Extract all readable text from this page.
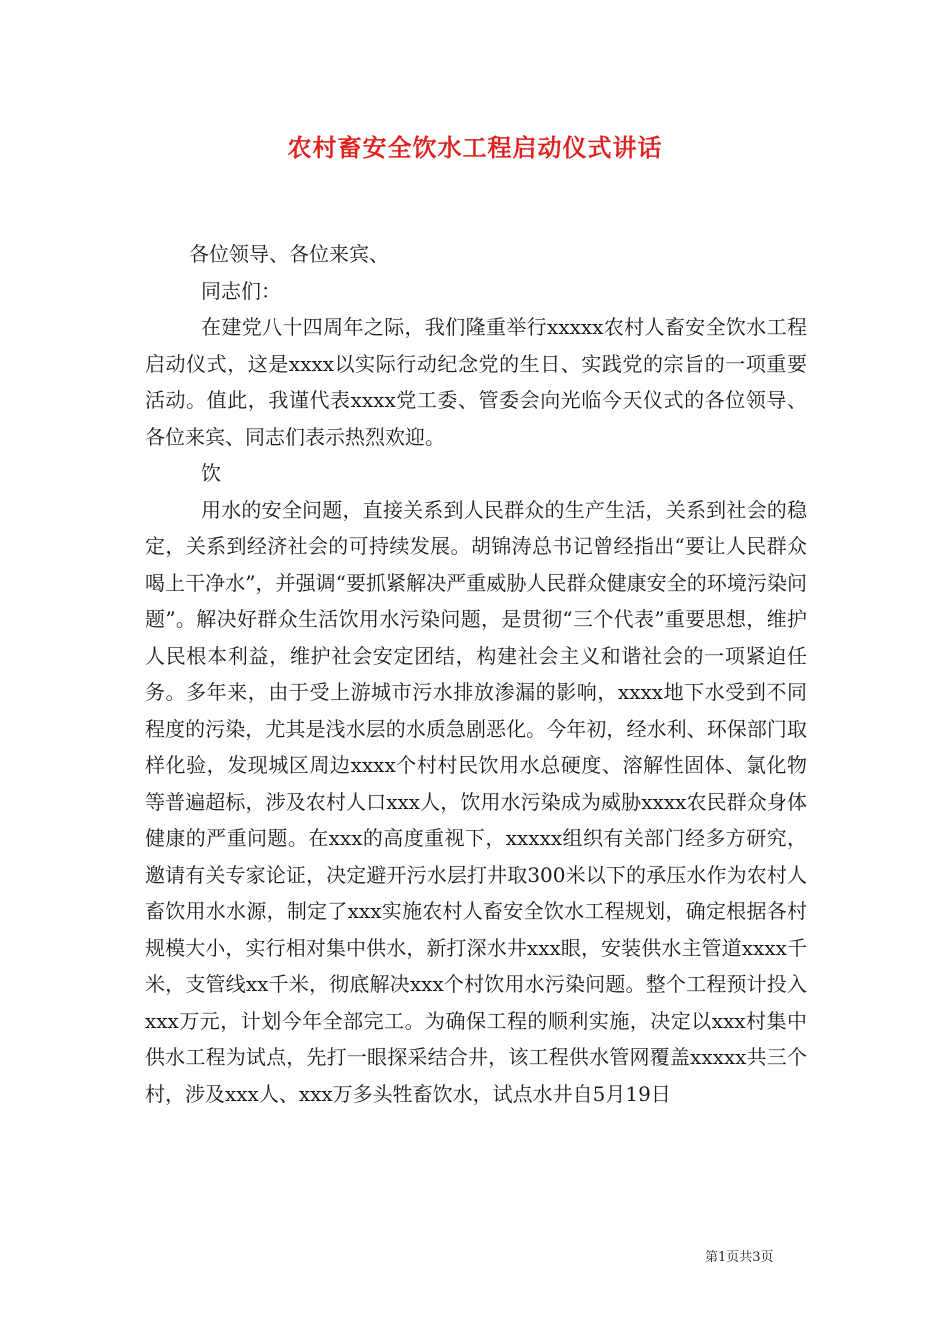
农村畜安全饮水工程启动仪式讲话

各位领导、各位来宾、

同志们：

在建党八十四周年之际，我们隆重举行xxxxx农村人畜安全饮水工程启动仪式，这是xxxx以实际行动纪念党的生日、实践党的宗旨的一项重要活动。值此，我谨代表xxxx党工委、管委会向光临今天仪式的各位领导、各位来宾、同志们表示热烈欢迎。

饮

用水的安全问题，直接关系到人民群众的生产生活，关系到社会的稳定，关系到经济社会的可持续发展。胡锦涛总书记曾经指出“要让人民群众喝上干净水”，并强调“要抓紧解决严重威胁人民群众健康安全的环境污染问题”。解决好群众生活饮用水污染问题，是贯彻“三个代表”重要思想，维护人民根本利益，维护社会安定团结，构建社会主义和谐社会的一项紧迫任务。多年来，由于受上游城市污水排放渗漏的影响，xxxx地下水受到不同程度的污染，尤其是浅水层的水质急剧恶化。今年初，经水利、环保部门取样化验，发现城区周边xxxx个村村民饮用水总硬度、溶解性固体、氯化物等普遍超标，涉及农村人口xxx人，饮用水污染成为威胁xxxx农民群众身体健康的严重问题。在xxx的高度重视下，xxxxx组织有关部门经多方研究，邀请有关专家论证，决定避开污水层打井取300米以下的承压水作为农村人畜饮用水水源，制定了xxx实施农村人畜安全饮水工程规划，确定根据各村规模大小，实行相对集中供水，新打深水井xxx眼，安装供水主管道xxxx千米，支管线xx千米，彻底解决xxx个村饮用水污染问题。整个工程预计投入xxx万元，计划今年全部完工。为确保工程的顺利实施，决定以xxx村集中供水工程为试点，先打一眼探采结合井，该工程供水管网覆盖xxxxx共三个村，涉及xxx人、xxx万多头牲畜饮水，试点水井自5月19日

第1页共3页
